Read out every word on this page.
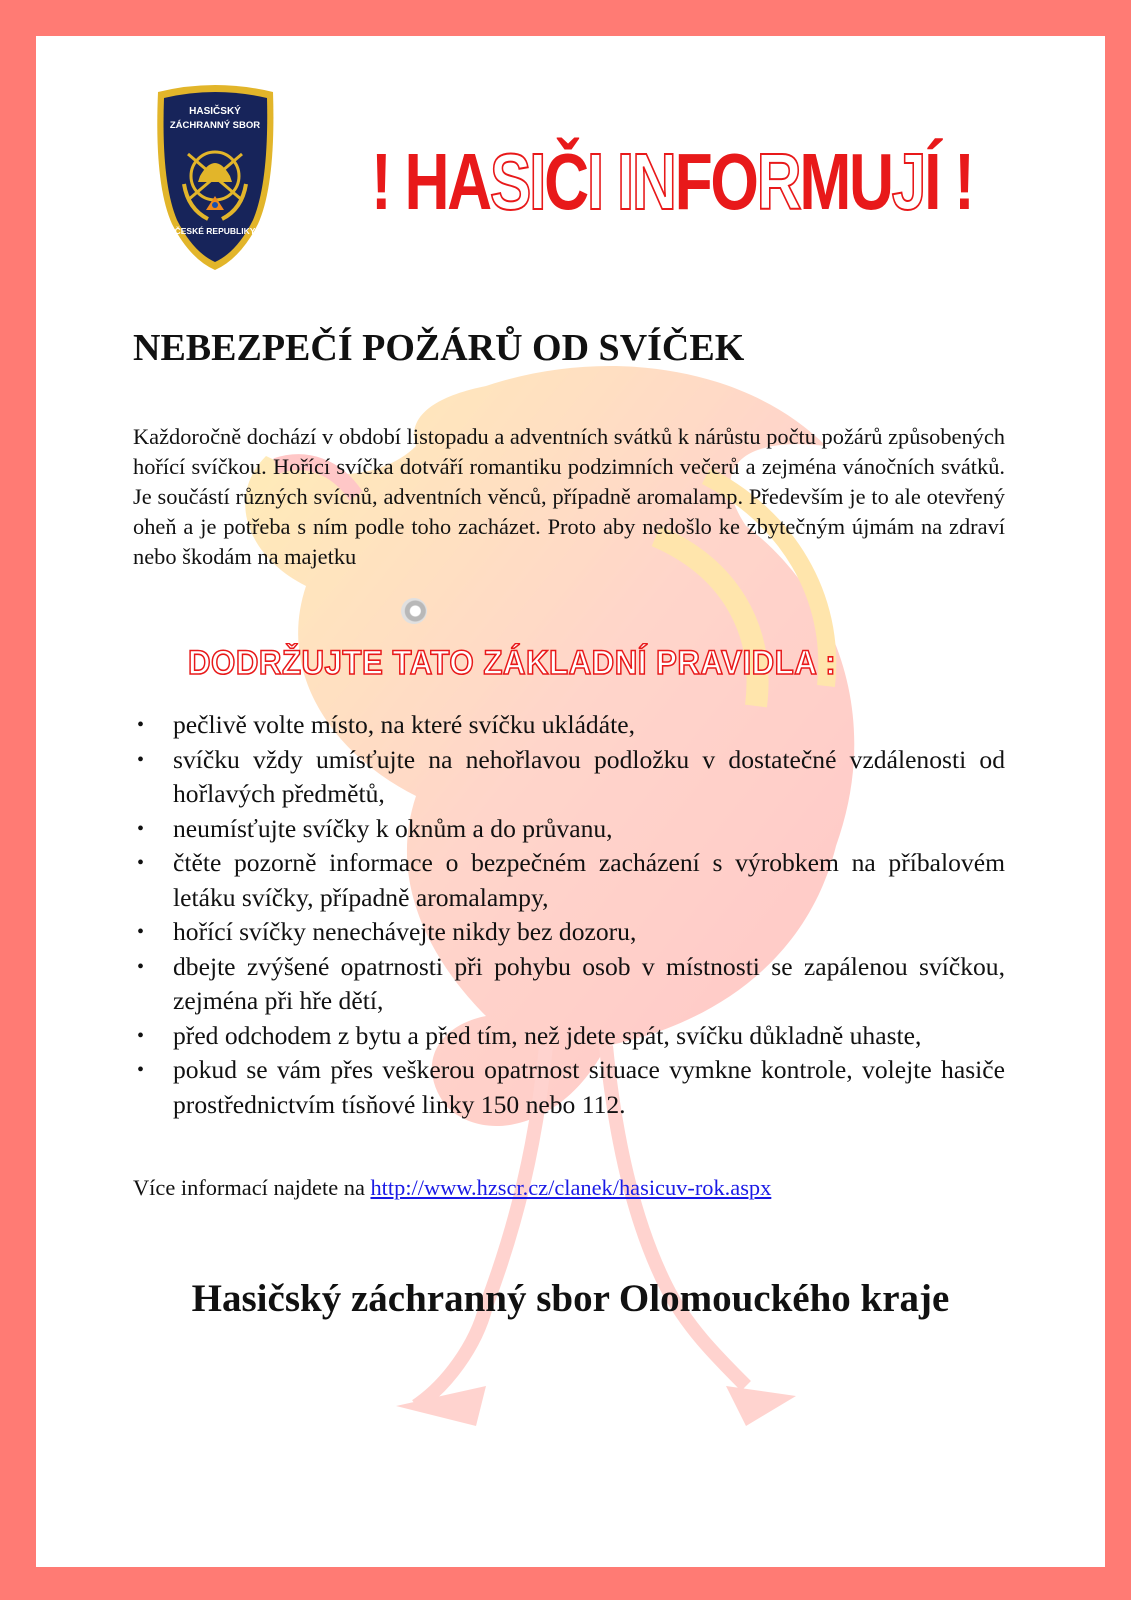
HASIČSKÝ
ZÁCHRANNÝ SBOR
ČESKÉ REPUBLIKY
! HASIČI INFORMUJÍ !
NEBEZPEČÍ POŽÁRŮ OD SVÍČEK

Každoročně dochází v období listopadu a adventních svátků k nárůstu počtu požárů způsobených hořící svíčkou. Hořící svíčka dotváří romantiku podzimních večerů a zejména vánočních svátků. Je součástí různých svícnů, adventních věnců, případně aromalamp. Především je to ale otevřený oheň a je potřeba s ním podle toho zacházet. Proto aby nedošlo ke zbytečným újmám na zdraví nebo škodám na majetku

DODRŽUJTE TATO ZÁKLADNÍ PRAVIDLA :
• pečlivě volte místo, na které svíčku ukládáte,
• svíčku vždy umísťujte na nehořlavou podložku v dostatečné vzdálenosti od hořlavých předmětů,
• neumísťujte svíčky k oknům a do průvanu,
• čtěte pozorně informace o bezpečném zacházení s výrobkem na příbalovém letáku svíčky, případně aromalampy,
• hořící svíčky nenechávejte nikdy bez dozoru,
• dbejte zvýšené opatrnosti při pohybu osob v místnosti se zapálenou svíčkou, zejména při hře dětí,
• před odchodem z bytu a před tím, než jdete spát, svíčku důkladně uhaste,
• pokud se vám přes veškerou opatrnost situace vymkne kontrole, volejte hasiče prostřednictvím tísňové linky 150 nebo 112.

Více informací najdete na http://www.hzscr.cz/clanek/hasicuv-rok.aspx

Hasičský záchranný sbor Olomouckého kraje
